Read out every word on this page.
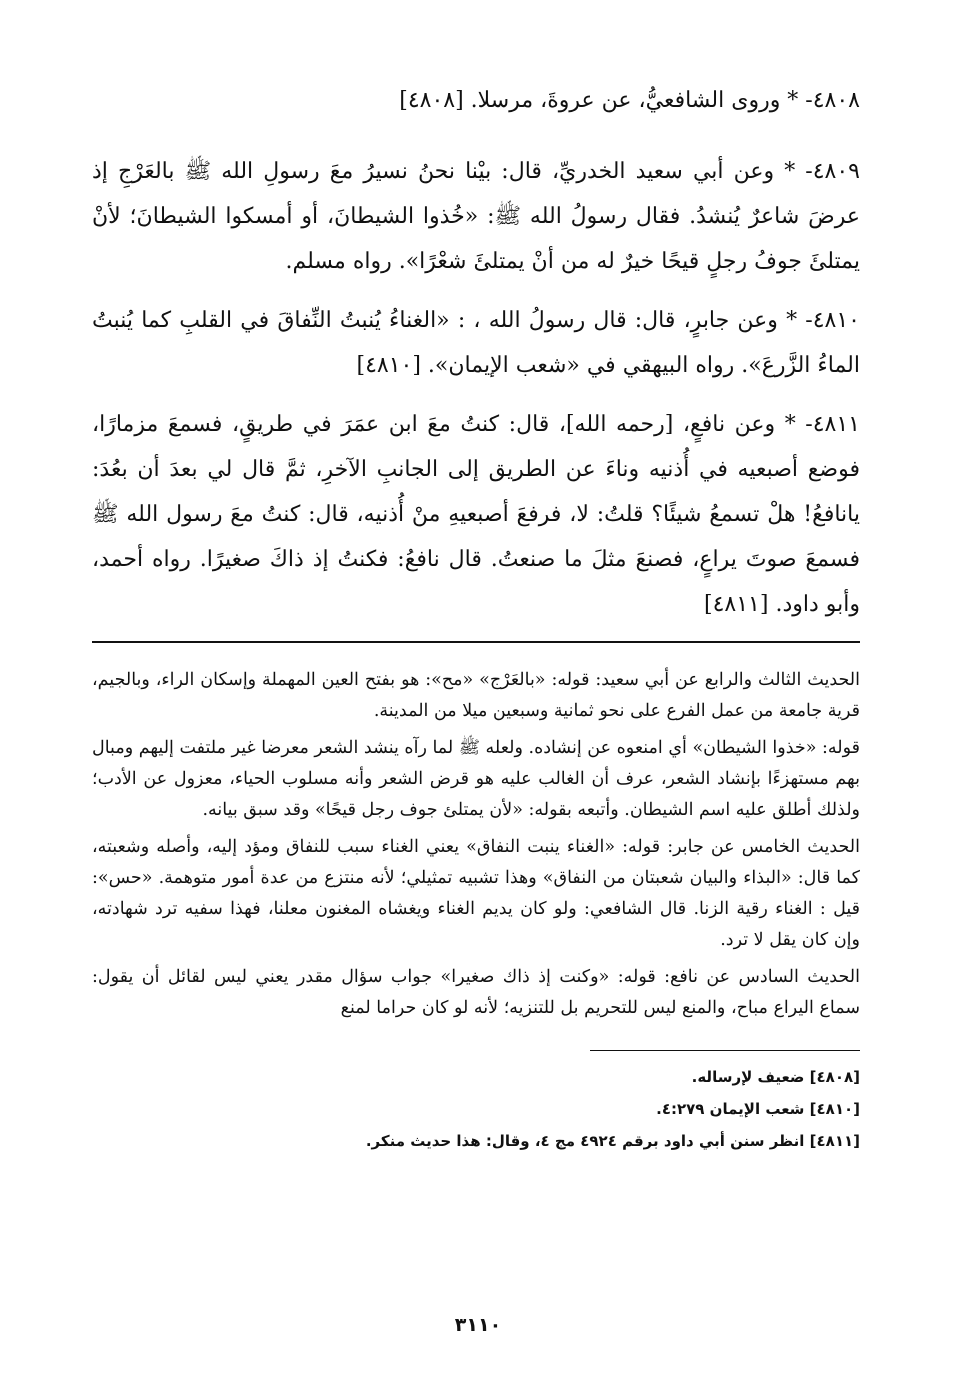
٤٨٠٨- * وروى الشافعيُّ، عن عروةَ، مرسلا. [٤٨٠٨]

٤٨٠٩- * وعن أبي سعيد الخدريِّ، قال: بيْنا نحنُ نسيرُ معَ رسولِ الله ﷺ بالعَرْجِ إذ عرضَ شاعرٌ يُنشدُ. فقال رسولُ الله ﷺ: «خُذوا الشيطانَ، أو أمسكوا الشيطانَ؛ لأنْ يمتلئَ جوفُ رجلٍ قيحًا خيرٌ له من أنْ يمتلئَ شعْرًا». رواه مسلم.

٤٨١٠- * وعن جابرٍ، قال: قال رسولُ الله ، : «الغناءُ يُنبتُ النِّفاقَ في القلبِ كما يُنبتُ الماءُ الزَّرعَ». رواه البيهقي في «شعب الإيمان». [٤٨١٠]

٤٨١١- * وعن نافعٍ، [رحمه الله]، قال: كنتُ معَ ابن عمَرَ في طريقٍ، فسمعَ مزمارًا، فوضع أصبعيه في أُذنيه وناءَ عن الطريق إلى الجانبِ الآخرِ، ثمَّ قال لي بعدَ أن بعُدَ: يانافعُ! هلْ تسمعُ شيئًا؟ قلتُ: لا، فرفعَ أصبعيهِ منْ أُذنيه، قال: كنتُ معَ رسول الله ﷺ فسمعَ صوتَ يراعٍ، فصنعَ مثلَ ما صنعتُ. قال نافعُ: فكنتُ إذ ذاكَ صغيرًا. رواه أحمد، وأبو داود. [٤٨١١]

الحديث الثالث والرابع عن أبي سعيد: قوله: «بالعَرْج» «مح»: هو بفتح العين المهملة وإسكان الراء، وبالجيم، قرية جامعة من عمل الفرع على نحو ثمانية وسبعين ميلا من المدينة.

قوله: «خذوا الشيطان» أي امنعوه عن إنشاده. ولعله ﷺ لما رآه ينشد الشعر معرضا غير ملتفت إليهم ومبال بهم مستهزءًا بإنشاد الشعر، عرف أن الغالب عليه هو قرض الشعر وأنه مسلوب الحياء، معزول عن الأدب؛ ولذلك أطلق عليه اسم الشيطان. وأتبعه بقوله: «لأن يمتلئ جوف رجل قيحًا» وقد سبق بيانه.

الحديث الخامس عن جابر: قوله: «الغناء ينبت النفاق» يعني الغناء سبب للنفاق ومؤد إليه، وأصله وشعبته، كما قال: «البذاء والبيان شعبتان من النفاق» وهذا تشبيه تمثيلي؛ لأنه منتزع من عدة أمور متوهمة. «حس»: قيل : الغناء رقية الزنا. قال الشافعي: ولو كان يديم الغناء ويغشاه المغنون معلنا، فهذا سفيه ترد شهادته، وإن كان يقل لا ترد.

الحديث السادس عن نافع: قوله: «وكنت إذ ذاك صغيرا» جواب سؤال مقدر يعني ليس لقائل أن يقول: سماع اليراع مباح، والمنع ليس للتحريم بل للتنزيه؛ لأنه لو كان حراما لمنع

[٤٨٠٨] ضعيف لإرساله.

[٤٨١٠] شعب الإيمان ٤:٢٧٩.

[٤٨١١] انظر سنن أبي داود برقم ٤٩٢٤ مج ٤، وقال: هذا حديث منكر.

٣١١٠
